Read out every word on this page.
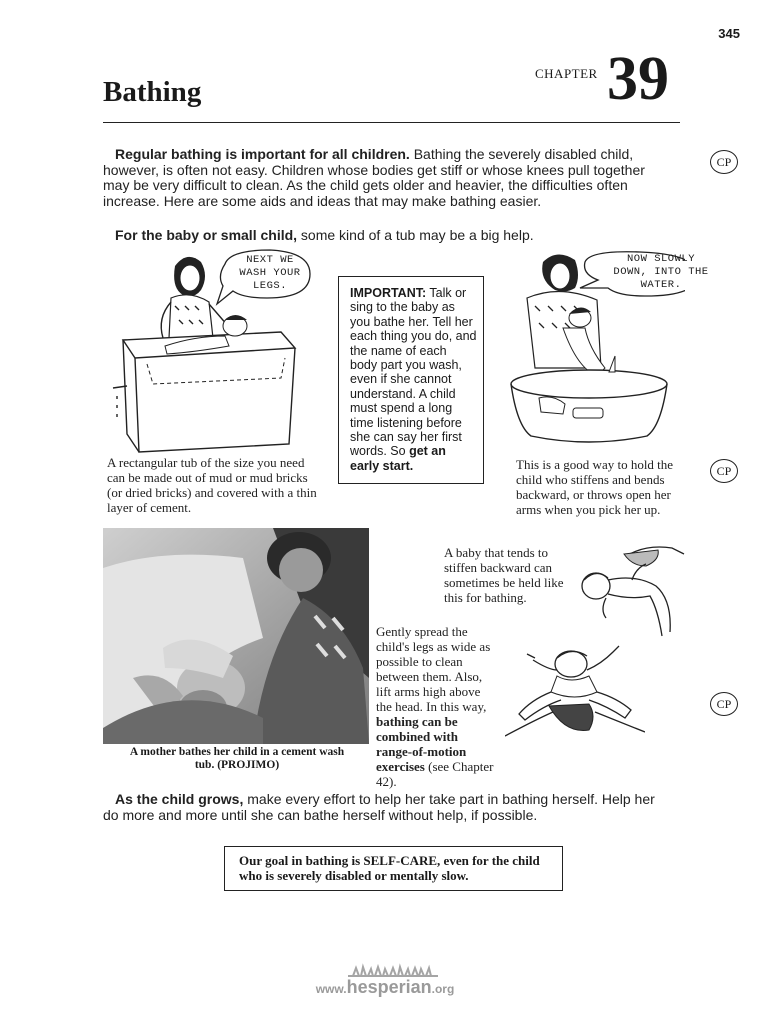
345
CHAPTER 39
Bathing

Regular bathing is important for all children. Bathing the severely disabled child, however, is often not easy. Children whose bodies get stiff or whose knees pull together may be very difficult to clean. As the child gets older and heavier, the difficulties often increase. Here are some aids and ideas that may make bathing easier.

CP
CP
CP

For the baby or small child, some kind of a tub may be a big help.

NEXT WE WASH YOUR LEGS.	IMPORTANT: Talk or sing to the baby as you bathe her. Tell her each thing you do, and the name of each body part you wash, even if she cannot understand. A child must spend a long time listening before she can say her first words. So get an early start.
NOW SLOWLY DOWN, INTO THE WATER.
A rectangular tub of the size you need can be made out of mud or mud bricks (or dried bricks) and covered with a thin layer of cement.
This is a good way to hold the child who stiffens and bends backward, or throws open her arms when you pick her up.
A mother bathes her child in a cement wash tub. (PROJIMO)
A baby that tends to stiffen backward can sometimes be held like this for bathing.
Gently spread the child's legs as wide as possible to clean between them. Also, lift arms high above the head. In this way, bathing can be combined with range-of-motion exercises (see Chapter 42).

As the child grows, make every effort to help her take part in bathing herself. Help her do more and more until she can bathe herself without help, if possible.

Our goal in bathing is SELF-CARE, even for the child who is severely disabled or mentally slow.
www.hesperian.org
